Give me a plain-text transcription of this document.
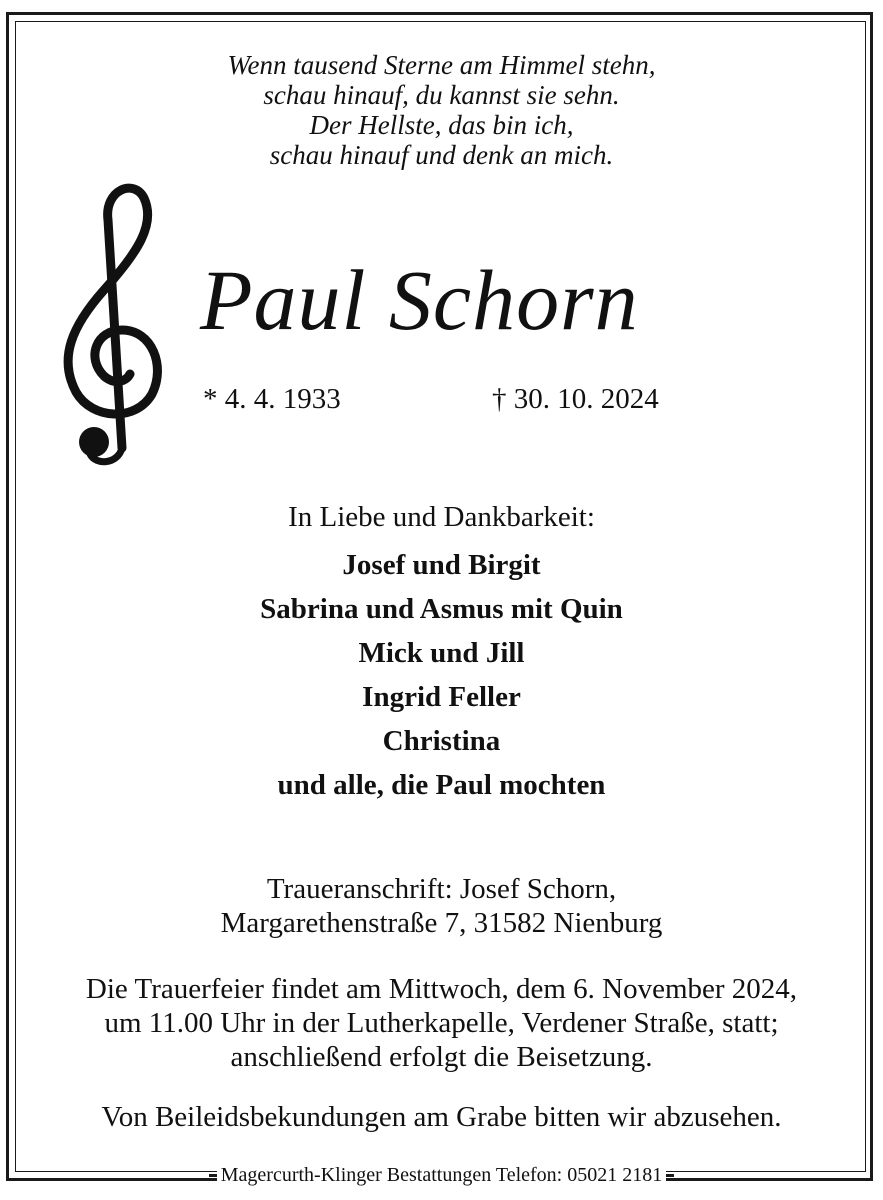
Wenn tausend Sterne am Himmel stehn,
schau hinauf, du kannst sie sehn.
Der Hellste, das bin ich,
schau hinauf und denk an mich.
Paul Schorn
* 4. 4. 1933	† 30. 10. 2024
In Liebe und Dankbarkeit:
Josef und Birgit
Sabrina und Asmus mit Quin
Mick und Jill
Ingrid Feller
Christina
und alle, die Paul mochten
Traueranschrift: Josef Schorn,
Margarethenstraße 7, 31582 Nienburg
Die Trauerfeier findet am Mittwoch, dem 6. November 2024,
um 11.00 Uhr in der Lutherkapelle, Verdener Straße, statt;
anschließend erfolgt die Beisetzung.
Von Beileidsbekundungen am Grabe bitten wir abzusehen.
Magercurth-Klinger Bestattungen Telefon: 05021 2181
